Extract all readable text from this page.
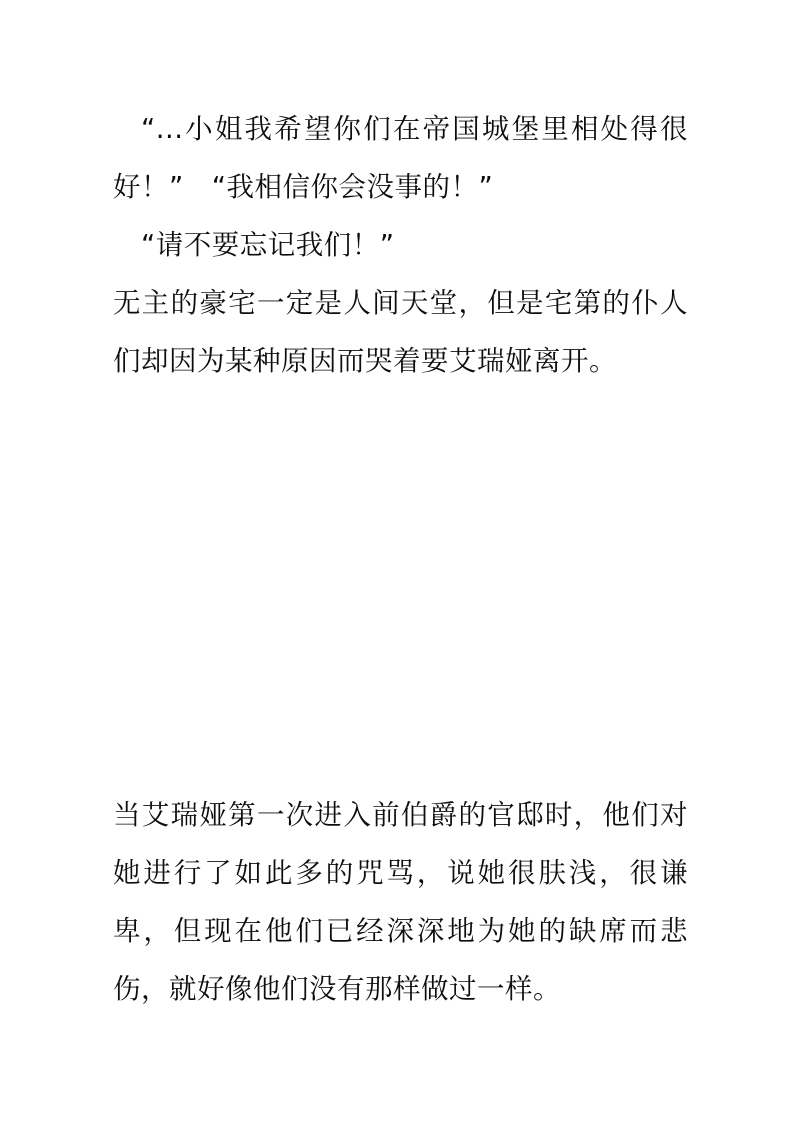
“...小姐我希望你们在帝国城堡里相处得很好！”　“我相信你会没事的！”

“请不要忘记我们！”

无主的豪宅一定是人间天堂，但是宅第的仆人们却因为某种原因而哭着要艾瑞娅离开。

当艾瑞娅第一次进入前伯爵的官邸时，他们对她进行了如此多的咒骂，说她很肤浅，很谦　卑，但现在他们已经深深地为她的缺席而悲伤，就好像他们没有那样做过一样。
